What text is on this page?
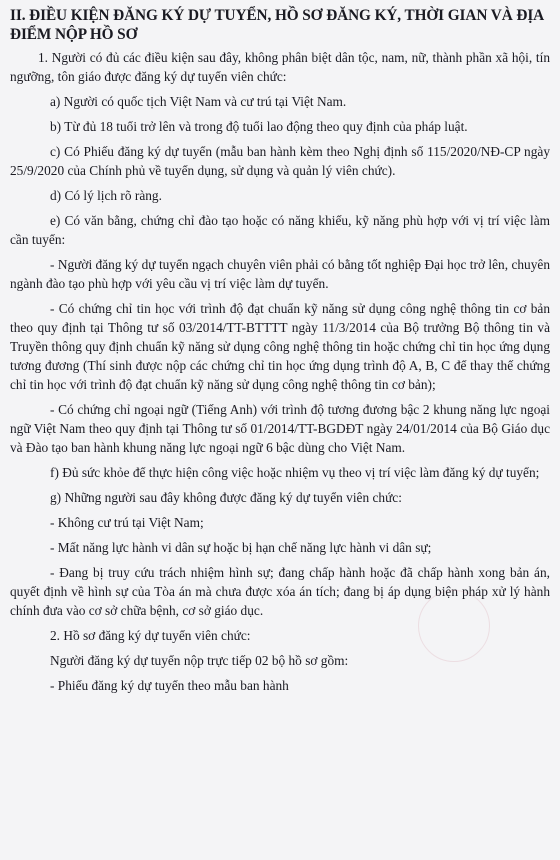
II. ĐIỀU KIỆN ĐĂNG KÝ DỰ TUYỂN, HỒ SƠ ĐĂNG KÝ, THỜI GIAN VÀ ĐỊA ĐIỂM NỘP HỒ SƠ

1. Người có đủ các điều kiện sau đây, không phân biệt dân tộc, nam, nữ, thành phần xã hội, tín ngưỡng, tôn giáo được đăng ký dự tuyển viên chức:

a) Người có quốc tịch Việt Nam và cư trú tại Việt Nam.

b) Từ đủ 18 tuổi trở lên và trong độ tuổi lao động theo quy định của pháp luật.

c) Có Phiếu đăng ký dự tuyển (mẫu ban hành kèm theo Nghị định số 115/2020/NĐ-CP ngày 25/9/2020 của Chính phủ về tuyển dụng, sử dụng và quản lý viên chức).

d) Có lý lịch rõ ràng.

e) Có văn bằng, chứng chỉ đào tạo hoặc có năng khiếu, kỹ năng phù hợp với vị trí việc làm cần tuyển:

- Người đăng ký dự tuyển ngạch chuyên viên phải có bằng tốt nghiệp Đại học trở lên, chuyên ngành đào tạo phù hợp với yêu cầu vị trí việc làm dự tuyển.

- Có chứng chỉ tin học với trình độ đạt chuẩn kỹ năng sử dụng công nghệ thông tin cơ bản theo quy định tại Thông tư số 03/2014/TT-BTTTT ngày 11/3/2014 của Bộ trưởng Bộ thông tin và Truyền thông quy định chuẩn kỹ năng sử dụng công nghệ thông tin hoặc chứng chỉ tin học ứng dụng tương đương (Thí sinh được nộp các chứng chỉ tin học ứng dụng trình độ A, B, C để thay thế chứng chỉ tin học với trình độ đạt chuẩn kỹ năng sử dụng công nghệ thông tin cơ bản);

- Có chứng chỉ ngoại ngữ (Tiếng Anh) với trình độ tương đương bậc 2 khung năng lực ngoại ngữ Việt Nam theo quy định tại Thông tư số 01/2014/TT-BGDĐT ngày 24/01/2014 của Bộ Giáo dục và Đào tạo ban hành khung năng lực ngoại ngữ 6 bậc dùng cho Việt Nam.

f) Đủ sức khỏe để thực hiện công việc hoặc nhiệm vụ theo vị trí việc làm đăng ký dự tuyển;

g) Những người sau đây không được đăng ký dự tuyển viên chức:

- Không cư trú tại Việt Nam;

- Mất năng lực hành vi dân sự hoặc bị hạn chế năng lực hành vi dân sự;

- Đang bị truy cứu trách nhiệm hình sự; đang chấp hành hoặc đã chấp hành xong bản án, quyết định về hình sự của Tòa án mà chưa được xóa án tích; đang bị áp dụng biện pháp xử lý hành chính đưa vào cơ sở chữa bệnh, cơ sở giáo dục.

2. Hồ sơ đăng ký dự tuyển viên chức:

Người đăng ký dự tuyển nộp trực tiếp 02 bộ hồ sơ gồm:

- Phiếu đăng ký dự tuyển theo mẫu ban hành
